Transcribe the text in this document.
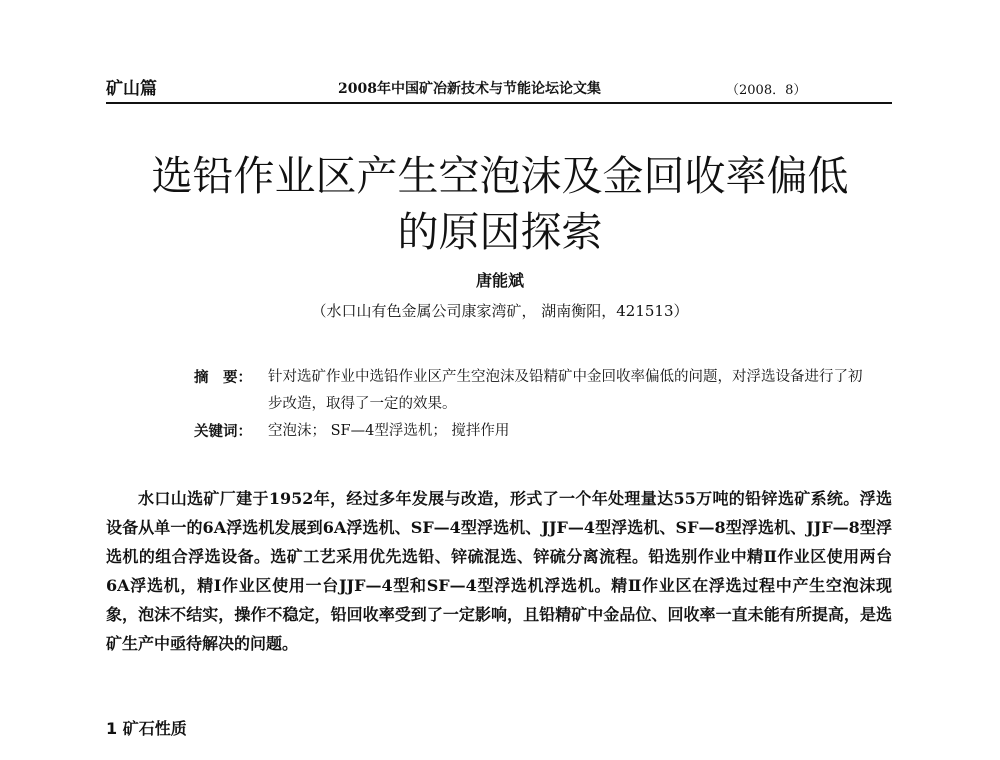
矿山篇	2008年中国矿冶新技术与节能论坛论文集	（2008．8）
选铅作业区产生空泡沫及金回收率偏低
的原因探索
唐能斌
（水口山有色金属公司康家湾矿， 湖南衡阳，421513）
摘　要：	针对选矿作业中选铅作业区产生空泡沫及铅精矿中金回收率偏低的问题，对浮选设备进行了初步改造，取得了一定的效果。
关键词：	空泡沫； SF—4型浮选机； 搅拌作用

水口山选矿厂建于1952年，经过多年发展与改造，形式了一个年处理量达55万吨的铅锌选矿系统。浮选设备从单一的6A浮选机发展到6A浮选机、SF—4型浮选机、JJF—4型浮选机、SF—8型浮选机、JJF—8型浮选机的组合浮选设备。选矿工艺采用优先选铅、锌硫混选、锌硫分离流程。铅选别作业中精Ⅱ作业区使用两台6A浮选机，精Ⅰ作业区使用一台JJF—4型和SF—4型浮选机浮选机。精Ⅱ作业区在浮选过程中产生空泡沫现象，泡沫不结实，操作不稳定，铅回收率受到了一定影响，且铅精矿中金品位、回收率一直未能有所提高，是选矿生产中亟待解决的问题。

1 矿石性质
